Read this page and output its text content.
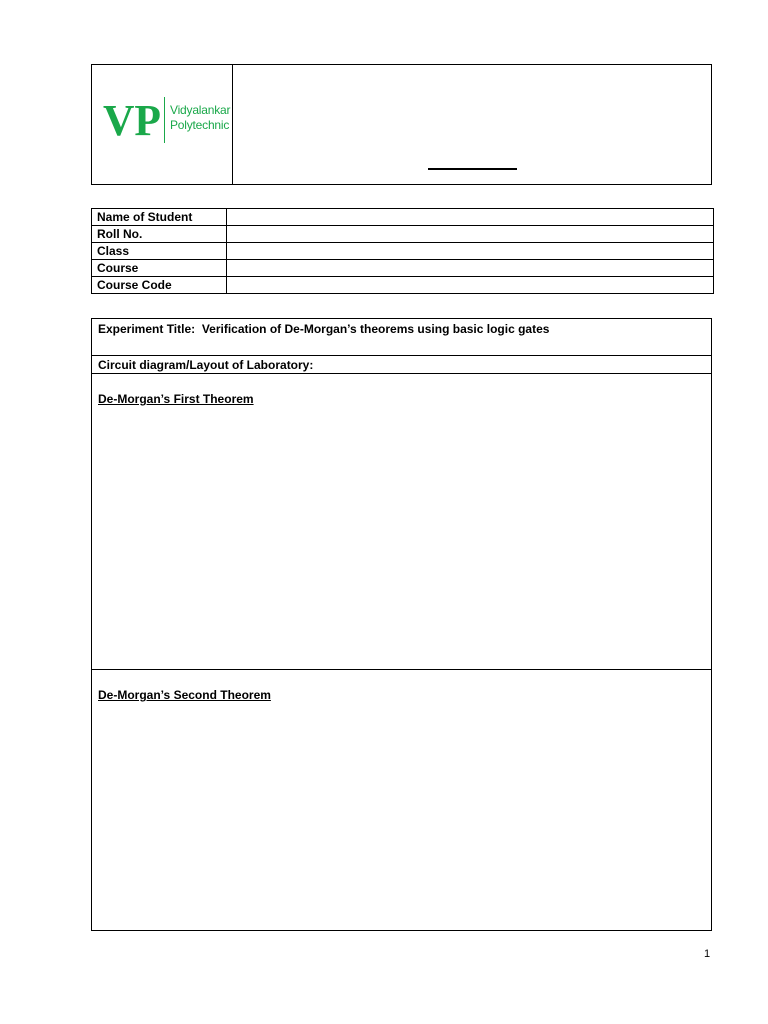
VP Vidyalankar
Polytechnic
Name of Student	
Roll No.	
Class	
Course	
Course Code	
Experiment Title: Verification of De-Morgan’s theorems using basic logic gates
Circuit diagram/Layout of Laboratory:
De-Morgan’s First Theorem
De-Morgan’s Second Theorem
1
